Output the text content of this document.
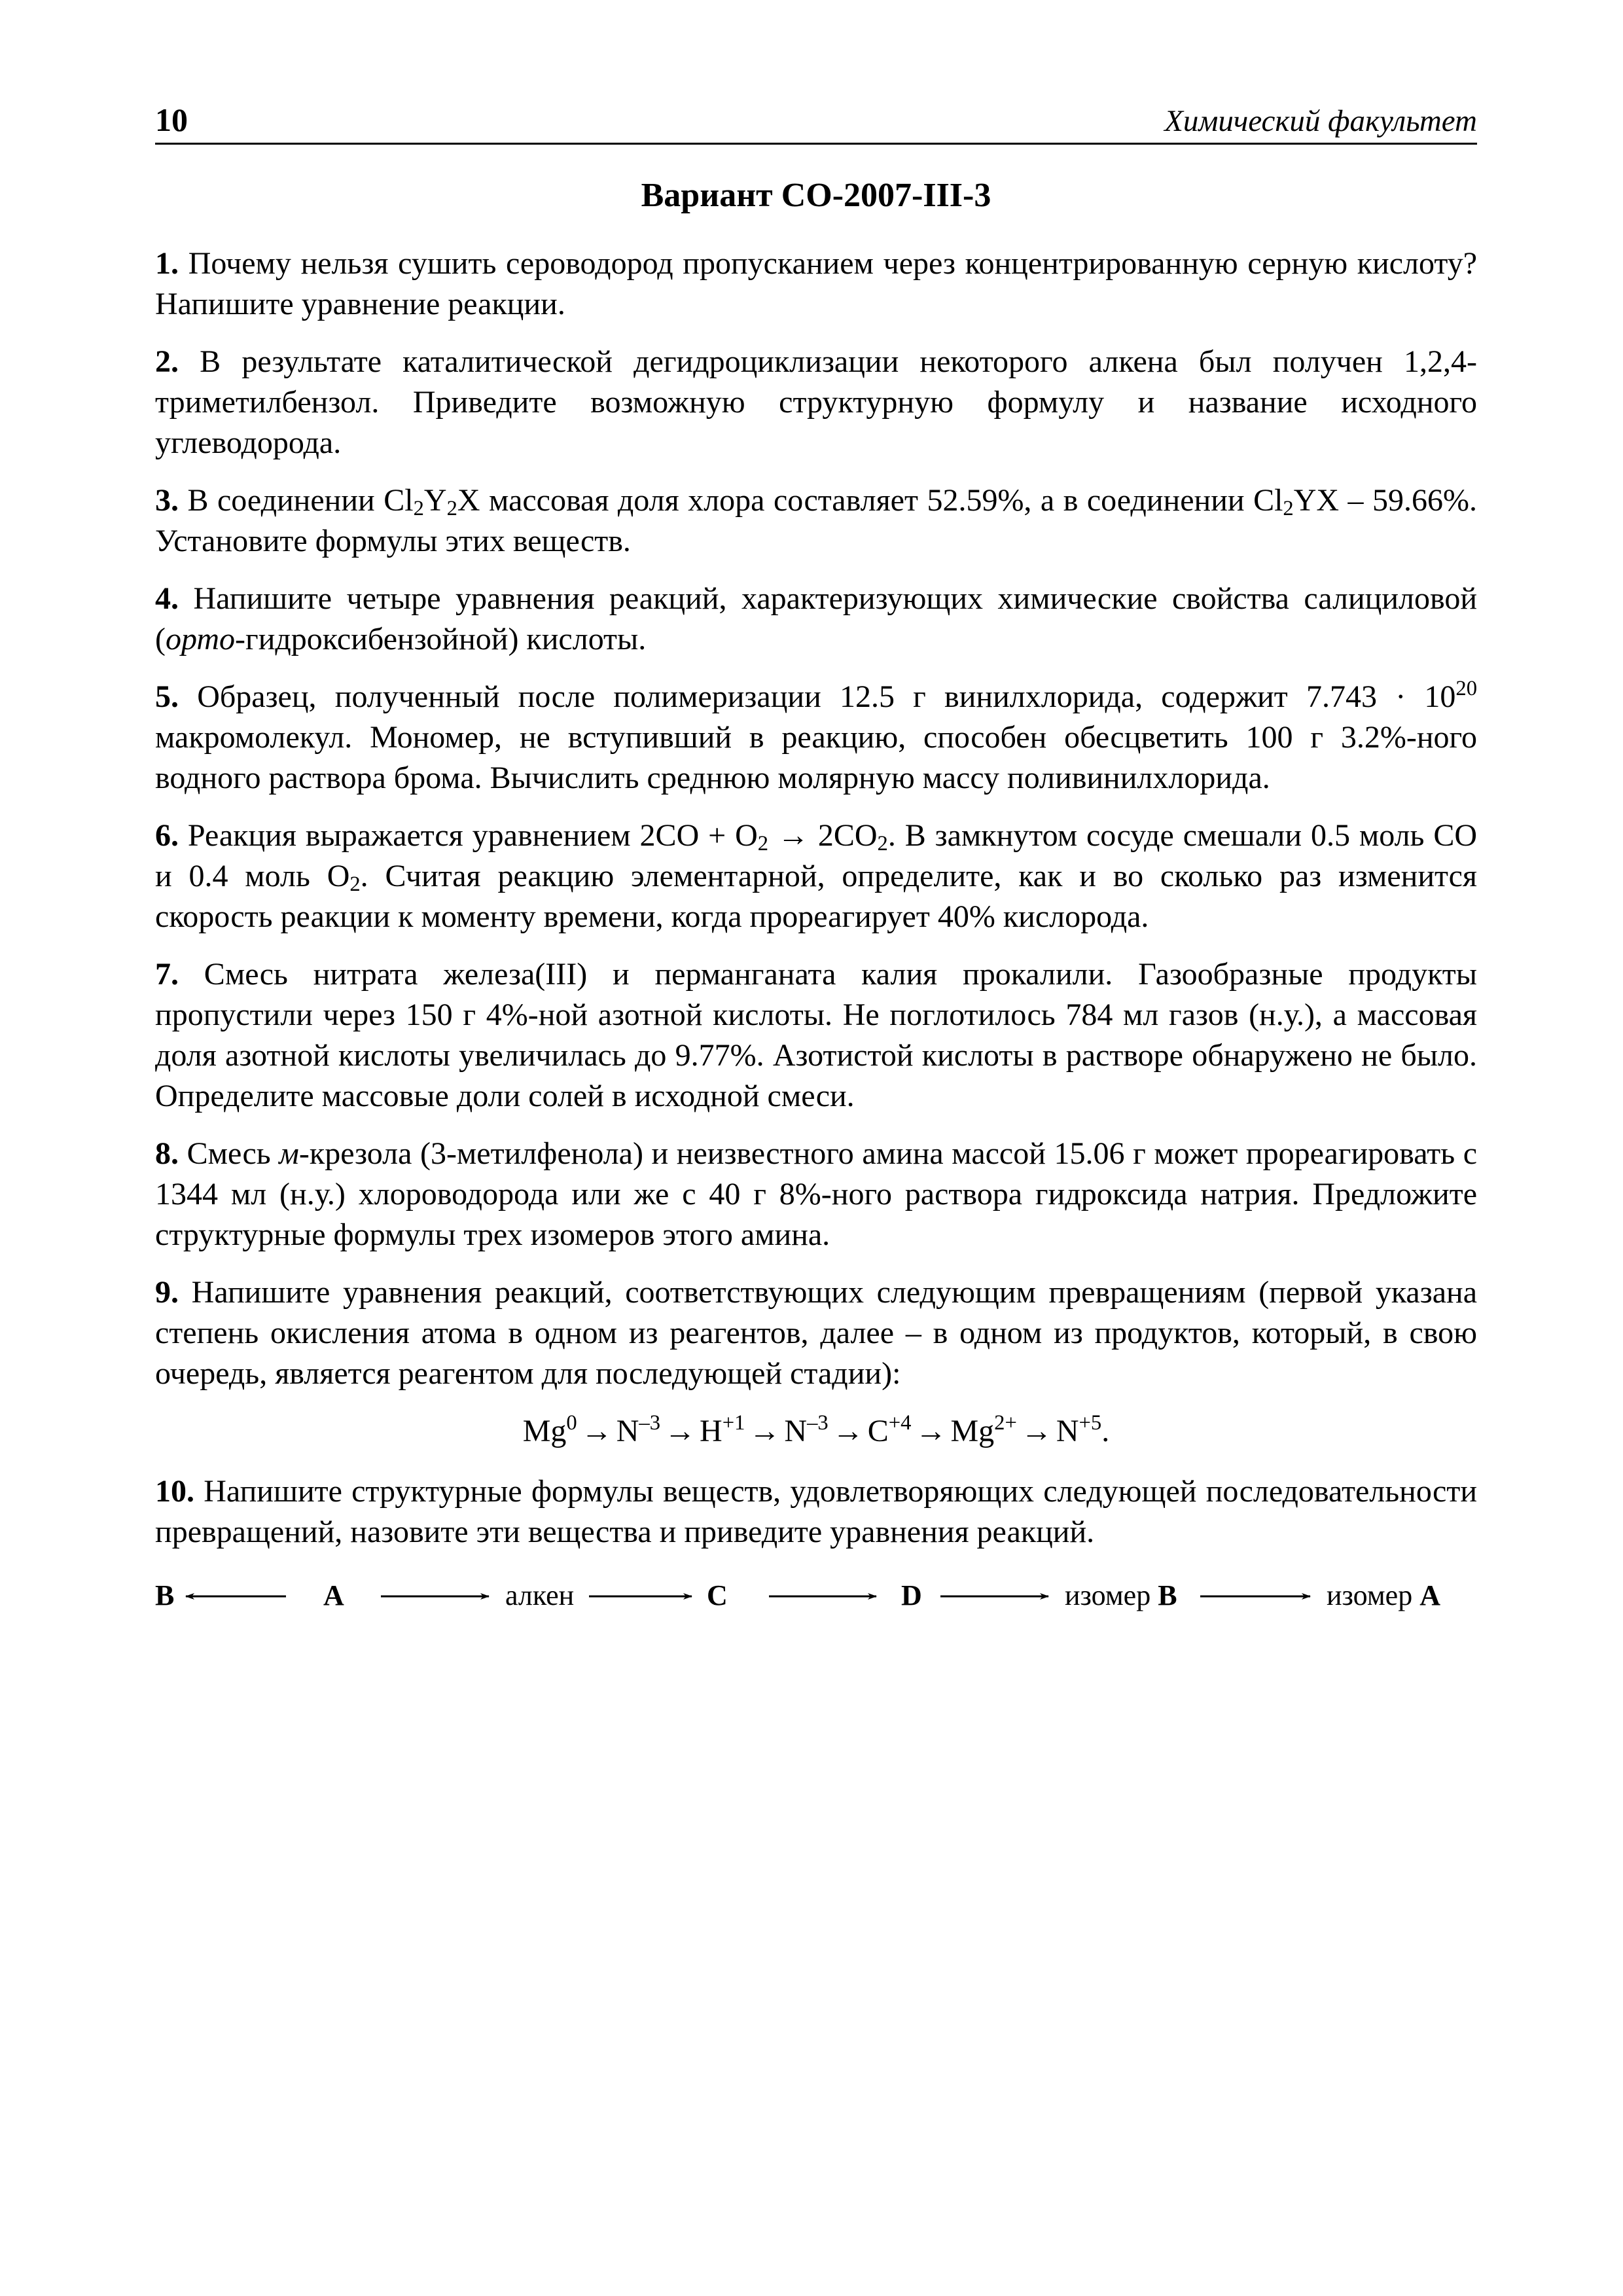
10	Химический факультет
Вариант СО-2007-III-3

1. Почему нельзя сушить сероводород пропусканием через концентрированную серную кислоту? Напишите уравнение реакции.

2. В результате каталитической дегидроциклизации некоторого алкена был получен 1,2,4-триметилбензол. Приведите возможную структурную формулу и название исходного углеводорода.

3. В соединении $Cl_2Y_2X$ массовая доля хлора составляет 52.59%, а в соединении $Cl_2YX - 59.66\%$. Установите формулы этих веществ.

4. Напишите четыре уравнения реакций, характеризующих химические свойства салициловой (орто-гидроксибензойной) кислоты.

5. Образец, полученный после полимеризации 12.5 г винилхлорида, содержит $7.743 \cdot 10^{20}$ макромолекул. Мономер, не вступивший в реакцию, способен обесцветить 100 г 3.2%-ного водного раствора брома. Вычислить среднюю молярную массу поливинилхлорида.

6. Реакция выражается уравнением $2CO + O_2 \to 2CO_2$. В замкнутом сосуде смешали 0.5 моль CO и 0.4 моль $O_2$. Считая реакцию элементарной, определите, как и во сколько раз изменится скорость реакции к моменту времени, когда прореагирует 40% кислорода.

7. Смесь нитрата железа(III) и перманганата калия прокалили. Газообразные продукты пропустили через 150 г 4%-ной азотной кислоты. Не поглотилось 784 мл газов (н.у.), а массовая доля азотной кислоты увеличилась до 9.77%. Азотистой кислоты в растворе обнаружено не было. Определите массовые доли солей в исходной смеси.

8. Смесь м-крезола (3-метилфенола) и неизвестного амина массой 15.06 г может прореагировать с 1344 мл (н.у.) хлороводорода или же с 40 г 8%-ного раствора гидроксида натрия. Предложите структурные формулы трех изомеров этого амина.

9. Напишите уравнения реакций, соответствующих следующим превращениям (первой указана степень окисления атома в одном из реагентов, далее – в одном из продуктов, который, в свою очередь, является реагентом для последующей стадии):

$Mg^0 \to N^{-3} \to H^{+1} \to N^{-3} \to C^{+4} \to Mg^{2+} \to N^{+5}$.

10. Напишите структурные формулы веществ, удовлетворяющих следующей последовательности превращений, назовите эти вещества и приведите уравнения реакций.

B	A	алкен	C	D	изомер B	изомер A
